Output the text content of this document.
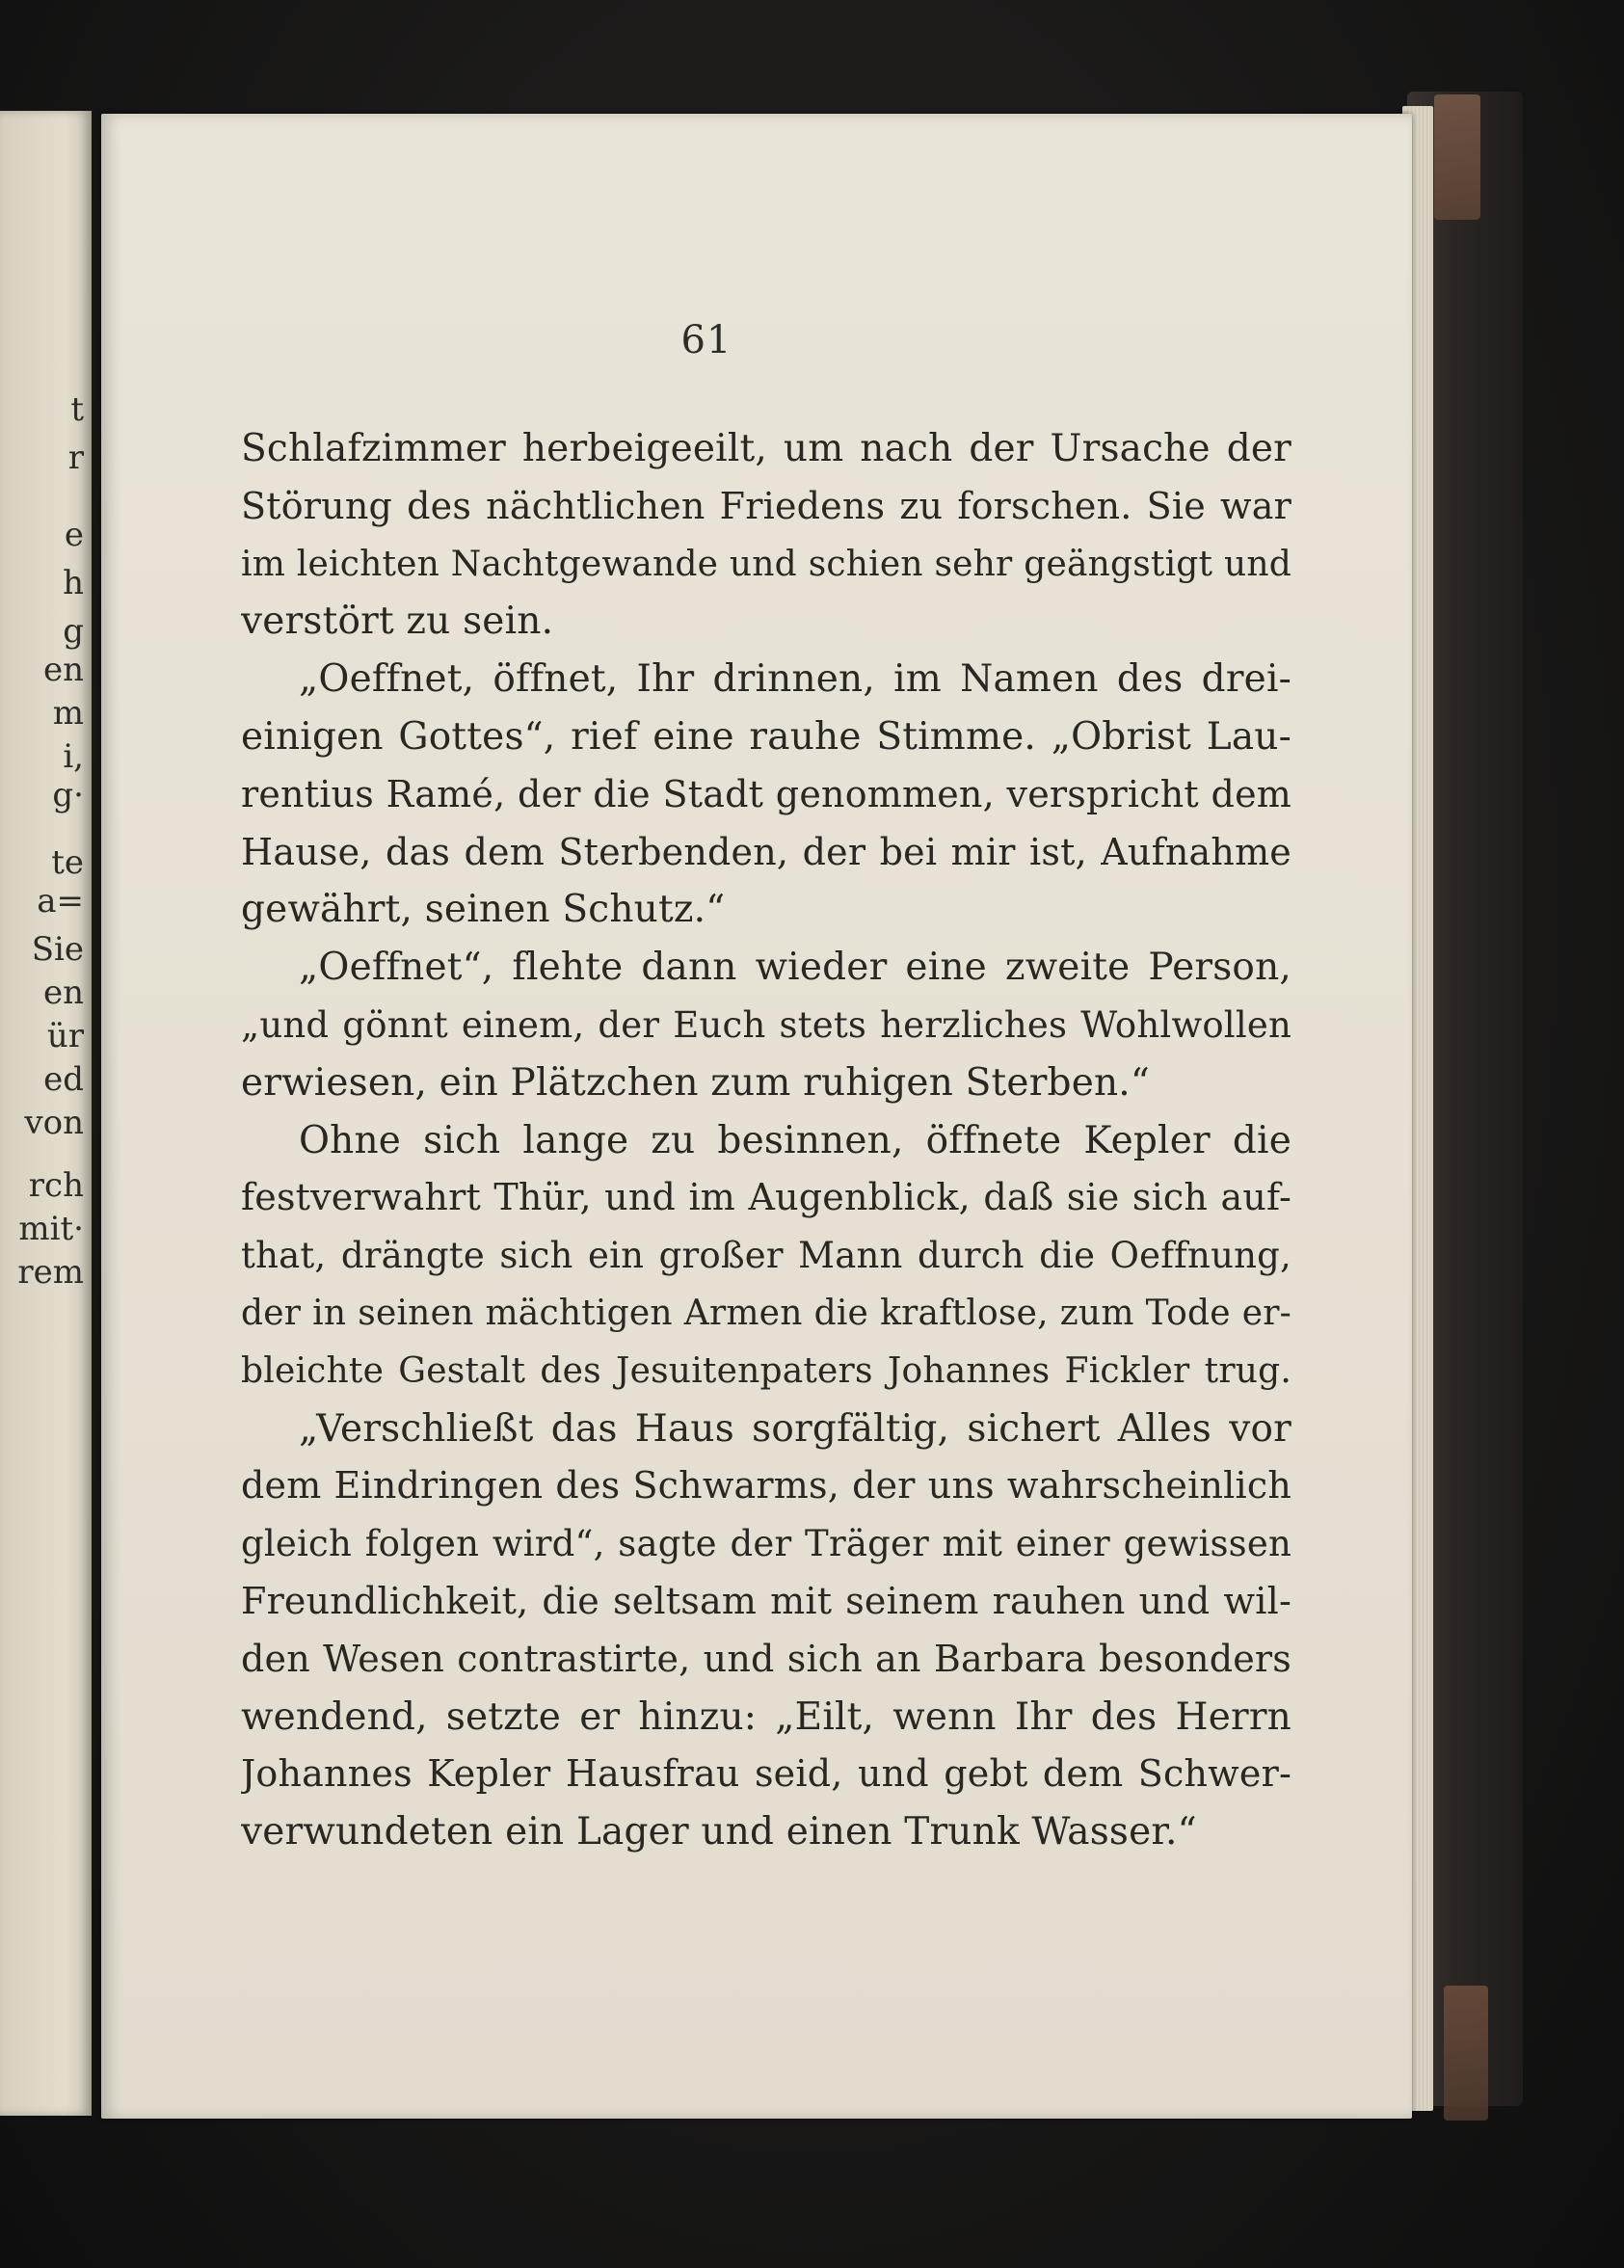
t
r
e
h
g
en
m
i,
g·
te
a=
Sie
en
ür
ed
von
rch
mit·
rem
61
Schlafzimmer herbeigeeilt, um nach der Ursache der
Störung des nächtlichen Friedens zu forschen. Sie war
im leichten Nachtgewande und schien sehr geängstigt und
verstört zu sein.
„Oeffnet, öffnet, Ihr drinnen, im Namen des drei-
einigen Gottes“, rief eine rauhe Stimme. „Obrist Lau-
rentius Ramé, der die Stadt genommen, verspricht dem
Hause, das dem Sterbenden, der bei mir ist, Aufnahme
gewährt, seinen Schutz.“
„Oeffnet“, flehte dann wieder eine zweite Person,
„und gönnt einem, der Euch stets herzliches Wohlwollen
erwiesen, ein Plätzchen zum ruhigen Sterben.“
Ohne sich lange zu besinnen, öffnete Kepler die
festverwahrt Thür, und im Augenblick, daß sie sich auf-
that, drängte sich ein großer Mann durch die Oeffnung,
der in seinen mächtigen Armen die kraftlose, zum Tode er-
bleichte Gestalt des Jesuitenpaters Johannes Fickler trug.
„Verschließt das Haus sorgfältig, sichert Alles vor
dem Eindringen des Schwarms, der uns wahrscheinlich
gleich folgen wird“, sagte der Träger mit einer gewissen
Freundlichkeit, die seltsam mit seinem rauhen und wil-
den Wesen contrastirte, und sich an Barbara besonders
wendend, setzte er hinzu: „Eilt, wenn Ihr des Herrn
Johannes Kepler Hausfrau seid, und gebt dem Schwer-
verwundeten ein Lager und einen Trunk Wasser.“
